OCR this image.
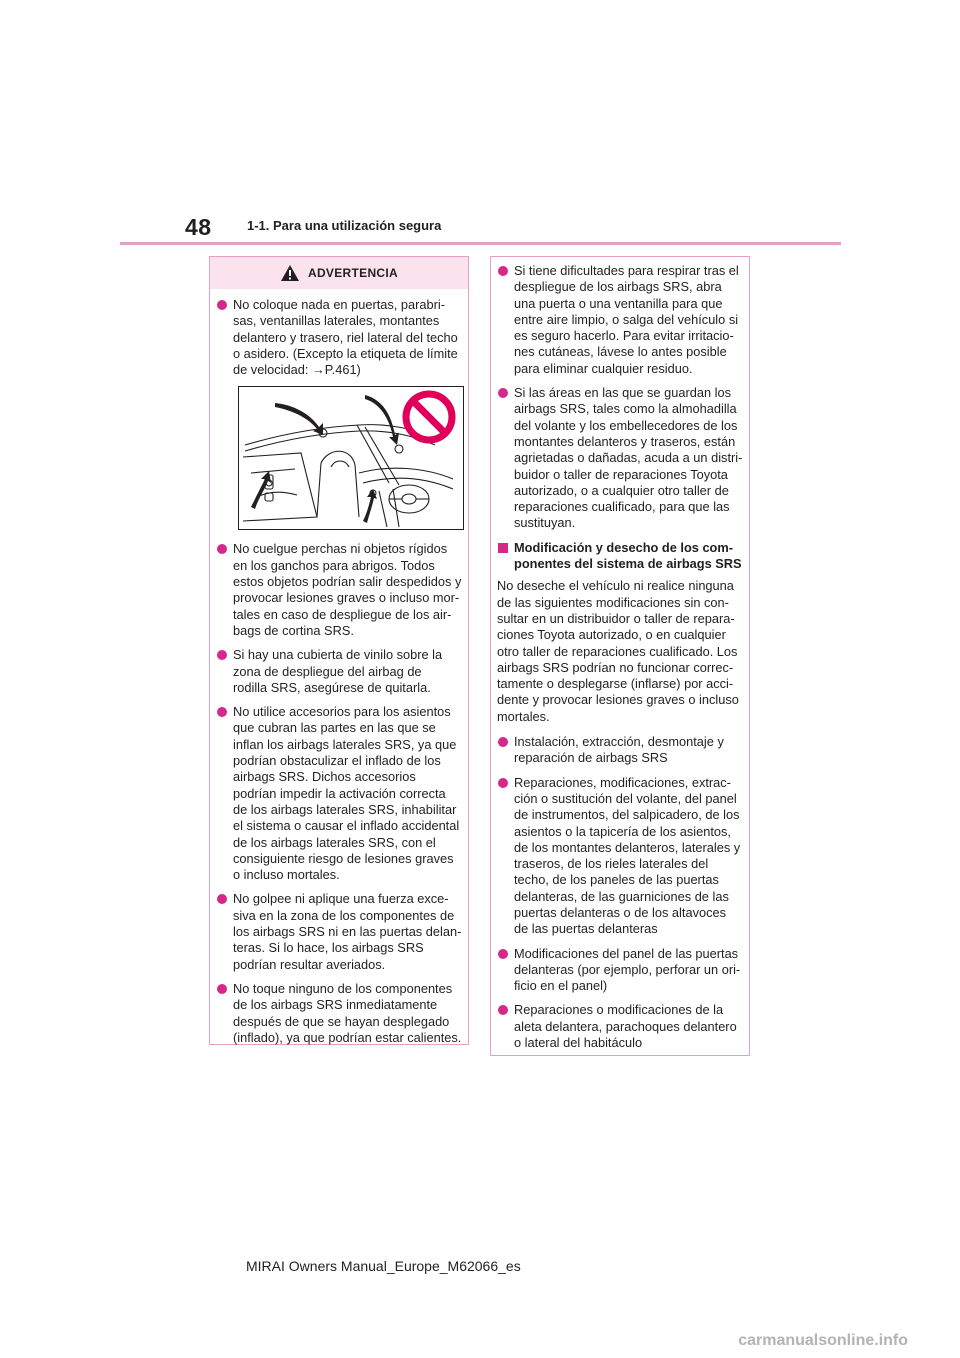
48	1-1. Para una utilización segura
ADVERTENCIA
No coloque nada en puertas, parabri-
sas, ventanillas laterales, montantes
delantero y trasero, riel lateral del techo
o asidero. (Excepto la etiqueta de límite
de velocidad: →P.461)
No cuelgue perchas ni objetos rígidos
en los ganchos para abrigos. Todos
estos objetos podrían salir despedidos y
provocar lesiones graves o incluso mor-
tales en caso de despliegue de los air-
bags de cortina SRS.
Si hay una cubierta de vinilo sobre la
zona de despliegue del airbag de
rodilla SRS, asegúrese de quitarla.
No utilice accesorios para los asientos
que cubran las partes en las que se
inflan los airbags laterales SRS, ya que
podrían obstaculizar el inflado de los
airbags SRS. Dichos accesorios
podrían impedir la activación correcta
de los airbags laterales SRS, inhabilitar
el sistema o causar el inflado accidental
de los airbags laterales SRS, con el
consiguiente riesgo de lesiones graves
o incluso mortales.
No golpee ni aplique una fuerza exce-
siva en la zona de los componentes de
los airbags SRS ni en las puertas delan-
teras. Si lo hace, los airbags SRS
podrían resultar averiados.
No toque ninguno de los componentes
de los airbags SRS inmediatamente
después de que se hayan desplegado
(inflado), ya que podrían estar calientes.
Si tiene dificultades para respirar tras el
despliegue de los airbags SRS, abra
una puerta o una ventanilla para que
entre aire limpio, o salga del vehículo si
es seguro hacerlo. Para evitar irritacio-
nes cutáneas, lávese lo antes posible
para eliminar cualquier residuo.
Si las áreas en las que se guardan los
airbags SRS, tales como la almohadilla
del volante y los embellecedores de los
montantes delanteros y traseros, están
agrietadas o dañadas, acuda a un distri-
buidor o taller de reparaciones Toyota
autorizado, o a cualquier otro taller de
reparaciones cualificado, para que las
sustituyan.
Modificación y desecho de los com-
ponentes del sistema de airbags SRS
No deseche el vehículo ni realice ninguna
de las siguientes modificaciones sin con-
sultar en un distribuidor o taller de repara-
ciones Toyota autorizado, o en cualquier
otro taller de reparaciones cualificado. Los
airbags SRS podrían no funcionar correc-
tamente o desplegarse (inflarse) por acci-
dente y provocar lesiones graves o incluso
mortales.
Instalación, extracción, desmontaje y
reparación de airbags SRS
Reparaciones, modificaciones, extrac-
ción o sustitución del volante, del panel
de instrumentos, del salpicadero, de los
asientos o la tapicería de los asientos,
de los montantes delanteros, laterales y
traseros, de los rieles laterales del
techo, de los paneles de las puertas
delanteras, de las guarniciones de las
puertas delanteras o de los altavoces
de las puertas delanteras
Modificaciones del panel de las puertas
delanteras (por ejemplo, perforar un ori-
ficio en el panel)
Reparaciones o modificaciones de la
aleta delantera, parachoques delantero
o lateral del habitáculo
MIRAI Owners Manual_Europe_M62066_es
carmanualsonline.info
